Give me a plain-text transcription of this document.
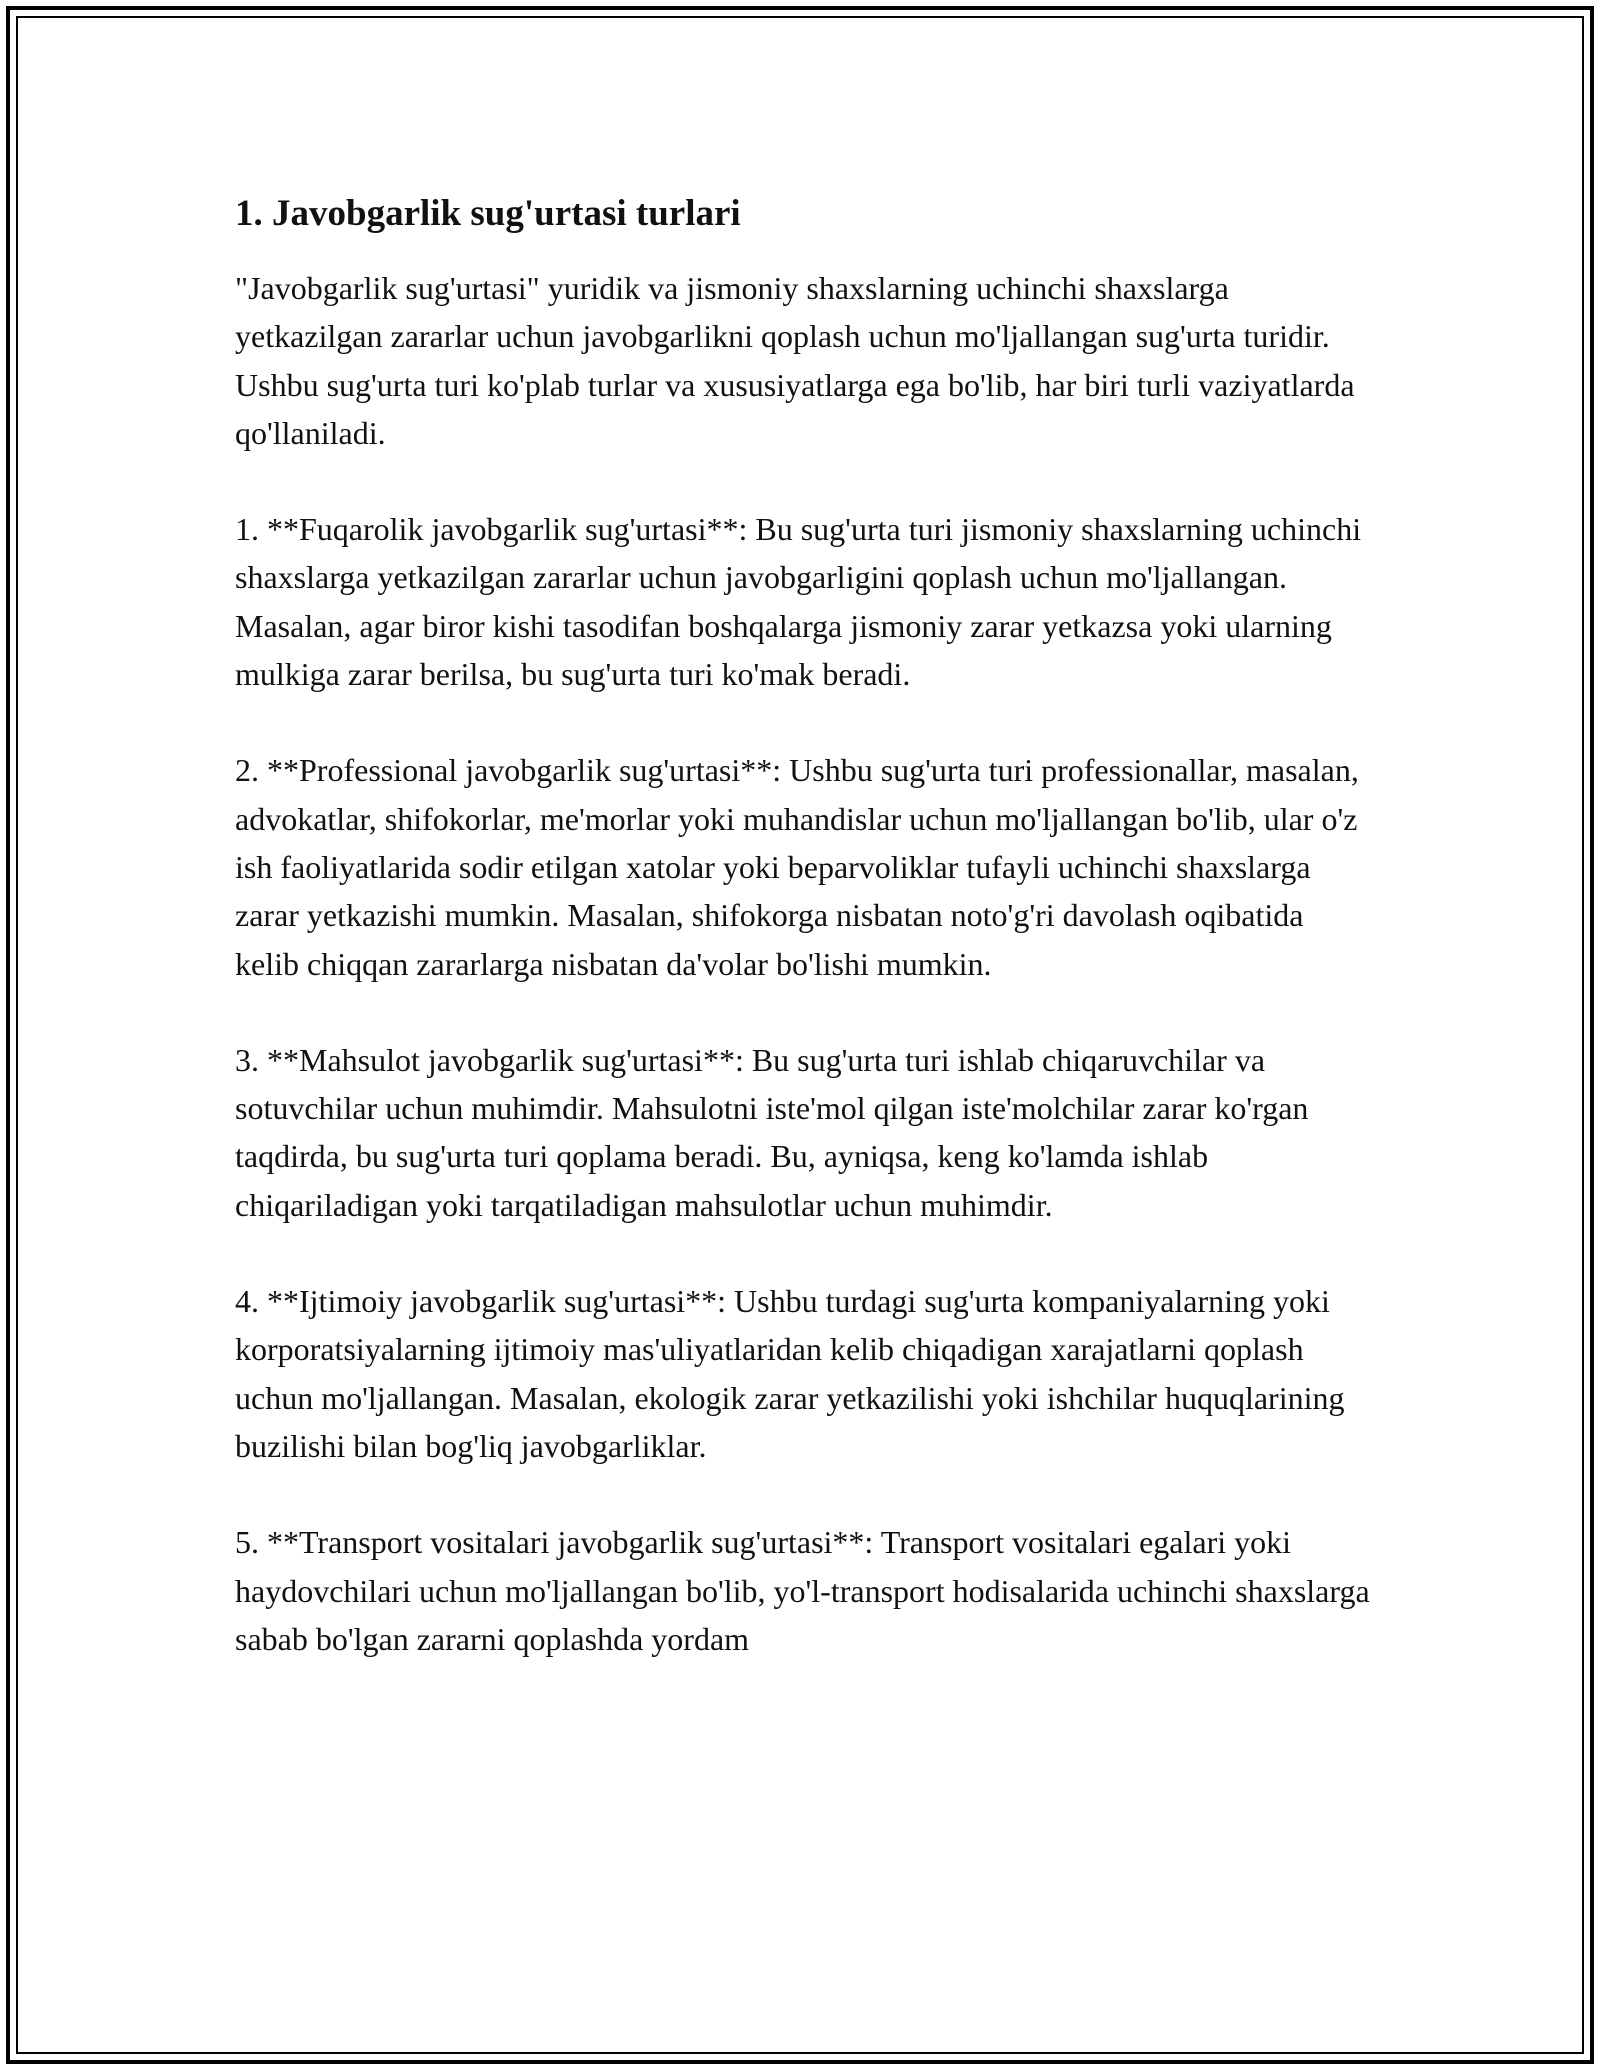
1. Javobgarlik sug'urtasi turlari

"Javobgarlik sug'urtasi" yuridik va jismoniy shaxslarning uchinchi shaxslarga yetkazilgan zararlar uchun javobgarlikni qoplash uchun mo'ljallangan sug'urta turidir. Ushbu sug'urta turi ko'plab turlar va xususiyatlarga ega bo'lib, har biri turli vaziyatlarda qo'llaniladi.

1. **Fuqarolik javobgarlik sug'urtasi**: Bu sug'urta turi jismoniy shaxslarning uchinchi shaxslarga yetkazilgan zararlar uchun javobgarligini qoplash uchun mo'ljallangan. Masalan, agar biror kishi tasodifan boshqalarga jismoniy zarar yetkazsa yoki ularning mulkiga zarar berilsa, bu sug'urta turi ko'mak beradi.

2. **Professional javobgarlik sug'urtasi**: Ushbu sug'urta turi professionallar, masalan, advokatlar, shifokorlar, me'morlar yoki muhandislar uchun mo'ljallangan bo'lib, ular o'z ish faoliyatlarida sodir etilgan xatolar yoki beparvoliklar tufayli uchinchi shaxslarga zarar yetkazishi mumkin. Masalan, shifokorga nisbatan noto'g'ri davolash oqibatida kelib chiqqan zararlarga nisbatan da'volar bo'lishi mumkin.

3. **Mahsulot javobgarlik sug'urtasi**: Bu sug'urta turi ishlab chiqaruvchilar va sotuvchilar uchun muhimdir. Mahsulotni iste'mol qilgan iste'molchilar zarar ko'rgan taqdirda, bu sug'urta turi qoplama beradi. Bu, ayniqsa, keng ko'lamda ishlab chiqariladigan yoki tarqatiladigan mahsulotlar uchun muhimdir.

4. **Ijtimoiy javobgarlik sug'urtasi**: Ushbu turdagi sug'urta kompaniyalarning yoki korporatsiyalarning ijtimoiy mas'uliyatlaridan kelib chiqadigan xarajatlarni qoplash uchun mo'ljallangan. Masalan, ekologik zarar yetkazilishi yoki ishchilar huquqlarining buzilishi bilan bog'liq javobgarliklar.

5. **Transport vositalari javobgarlik sug'urtasi**: Transport vositalari egalari yoki haydovchilari uchun mo'ljallangan bo'lib, yo'l-transport hodisalarida uchinchi shaxslarga sabab bo'lgan zararni qoplashda yordam
